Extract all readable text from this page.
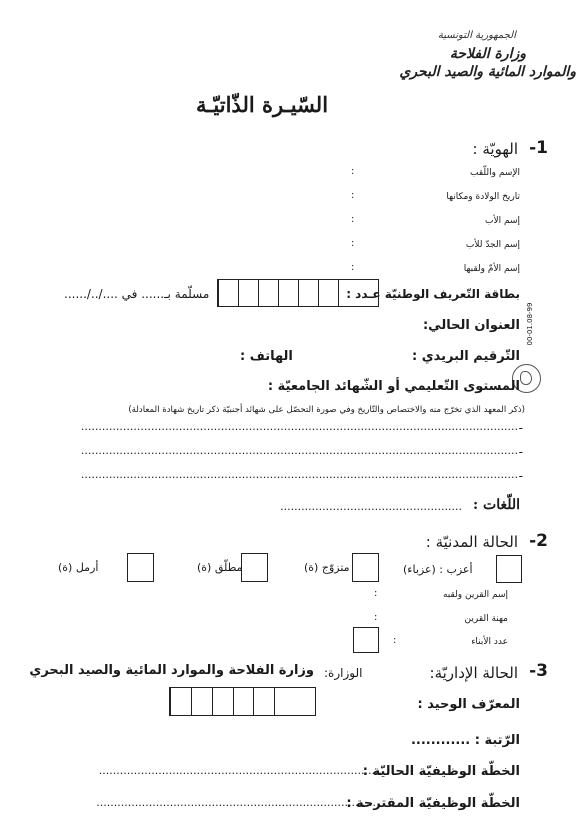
الجمهورية التونسية
وزارة الفلاحة
والموارد المائية والصيد البحري
السّيـرة الذّاتيّـة
1-
الهويّة :
الإسم واللّقب
:
تاريخ الولادة ومكانها
:
إسم الأب
:
إسم الجدّ للأب
:
إسم الأمّ ولقبها
:
بطاقة التّعريف الوطنيّة عـدد :
مسلّمة بـ...... في ..../../......
العنوان الحالي:
التّرقيم البريدي :
الهاتف :
00-01.08-99
المستوى التّعليمي أو الشّهائد الجامعيّة :
(ذكر المعهد الذي تخرّج منه والاختصاص والتّاريخ وفي صورة التحصّل على شهائد أجنبيّة ذكر تاريخ شهادة المعادلة)
-
.............................................................................................................................
-
.............................................................................................................................
-
.............................................................................................................................
اللّغات :
....................................................
2-
الحالة المدنيّة :
أعزب : (عزباء)
متزوّج (ة)
مطلّق (ة)
أرمل (ة)
إسم القرين ولقبه
:
مهنة القرين
:
عدد الأبناء
:
3-
الحالة الإداريّة:
الوزارة:
وزارة الفلاحة والموارد المائية والصيد البحري
المعرّف الوحيد :
الرّتبة : ............
الخطّة الوظيفيّة الحاليّة :
.................................................................................
الخطّة الوظيفيّة المقترحة :
................................................................................
